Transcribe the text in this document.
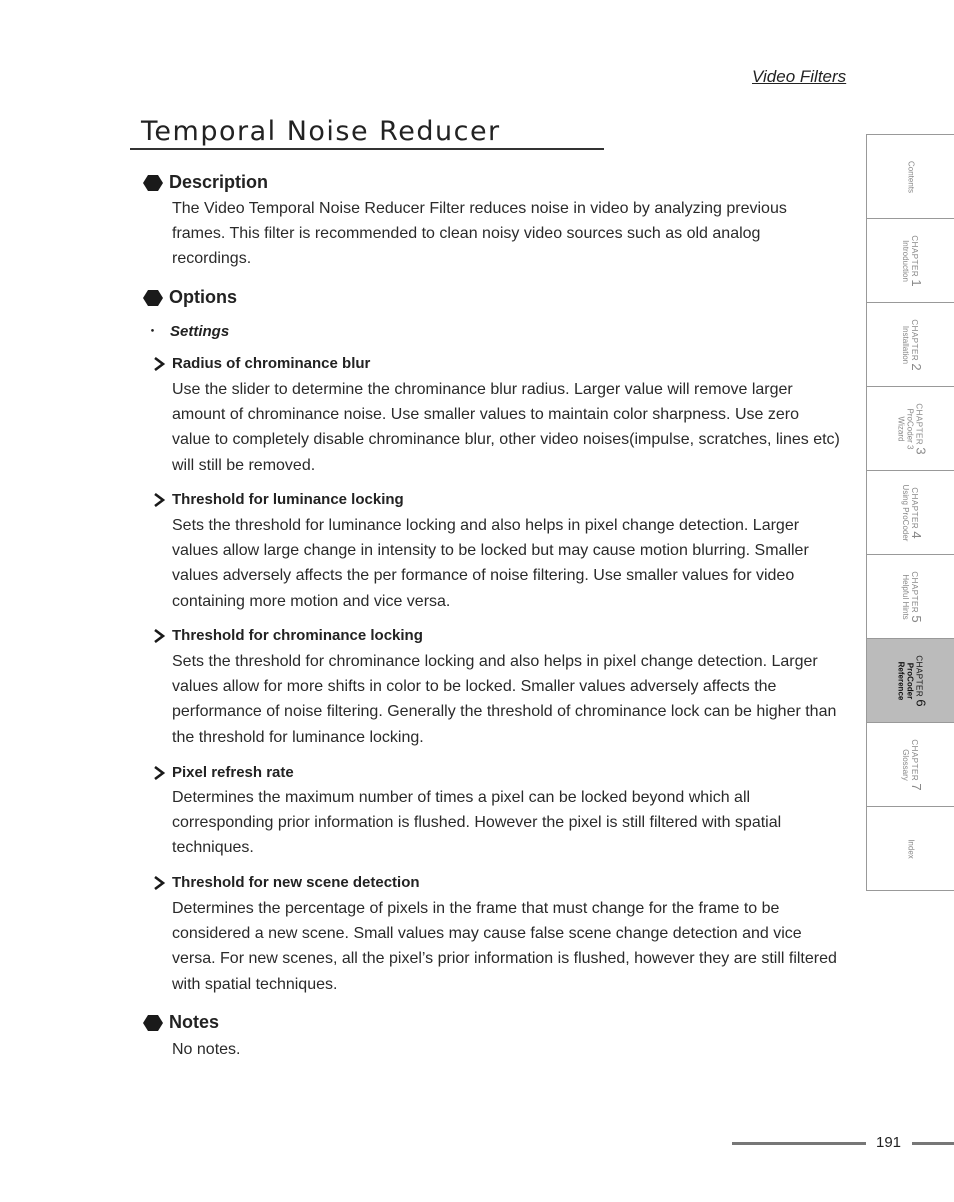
Video Filters
Temporal Noise Reducer
Description
The Video Temporal Noise Reducer Filter reduces noise in video by analyzing previous frames. This filter is recommended to clean noisy video sources such as old analog recordings.
Options
・ Settings
Radius of chrominance blur
Use the slider to determine the chrominance blur radius. Larger value will remove larger amount of chrominance noise. Use smaller values to maintain color sharpness. Use zero value to completely disable chrominance blur, other video noises(impulse, scratches, lines etc) will still be removed.
Threshold for luminance locking
Sets the threshold for luminance locking and also helps in pixel change detection. Larger values allow large change in intensity to be locked but may cause motion blurring. Smaller values adversely affects the per formance of noise filtering. Use smaller values for video containing more motion and vice versa.
Threshold for chrominance locking
Sets the threshold for chrominance locking and also helps in pixel change detection. Larger values allow for more shifts in color to be locked. Smaller values adversely affects the performance of noise filtering. Generally the threshold of chrominance lock can be higher than the threshold for luminance locking.
Pixel refresh rate
Determines the maximum number of times a pixel can be locked beyond which all corresponding prior information is flushed. However the pixel is still filtered with spatial techniques.
Threshold for new scene detection
Determines the percentage of pixels in the frame that must change for the frame to be considered a new scene. Small values may cause false scene change detection and vice versa. For new scenes, all the pixel’s prior information is flushed, however they are still filtered with spatial techniques.
Notes
No notes.
Contents
CHAPTER 1
Introduction
CHAPTER 2
Installation
CHAPTER 3
ProCoder 3
Wizard
CHAPTER 4
Using ProCoder
CHAPTER 5
Helpful Hints
CHAPTER 6
ProCoder
Reference
CHAPTER 7
Glossary
Index
191
